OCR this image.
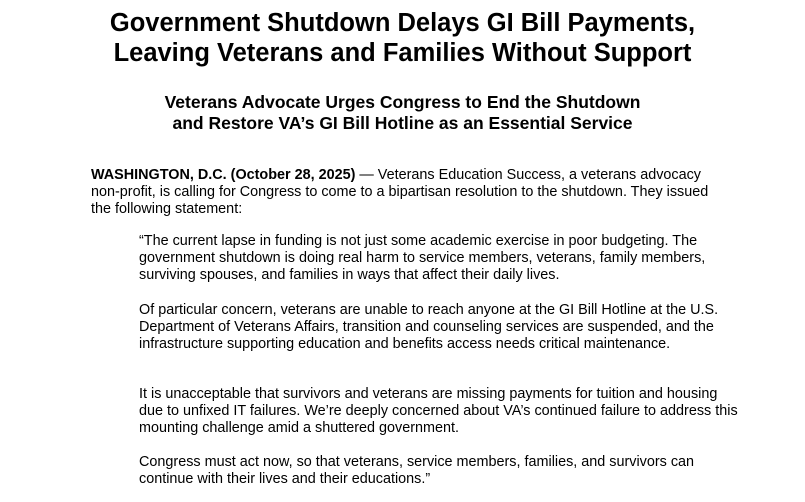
Government Shutdown Delays GI Bill Payments,
Leaving Veterans and Families Without Support
Veterans Advocate Urges Congress to End the Shutdown
and Restore VA’s GI Bill Hotline as an Essential Service

WASHINGTON, D.C. (October 28, 2025) — Veterans Education Success, a veterans advocacy non-profit, is calling for Congress to come to a bipartisan resolution to the shutdown. They issued the following statement:

“The current lapse in funding is not just some academic exercise in poor budgeting. The government shutdown is doing real harm to service members, veterans, family members, surviving spouses, and families in ways that affect their daily lives.

Of particular concern, veterans are unable to reach anyone at the GI Bill Hotline at the U.S. Department of Veterans Affairs, transition and counseling services are suspended, and the infrastructure supporting education and benefits access needs critical maintenance.

It is unacceptable that survivors and veterans are missing payments for tuition and housing due to unfixed IT failures. We’re deeply concerned about VA’s continued failure to address this mounting challenge amid a shuttered government.

Congress must act now, so that veterans, service members, families, and survivors can continue with their lives and their educations.”
